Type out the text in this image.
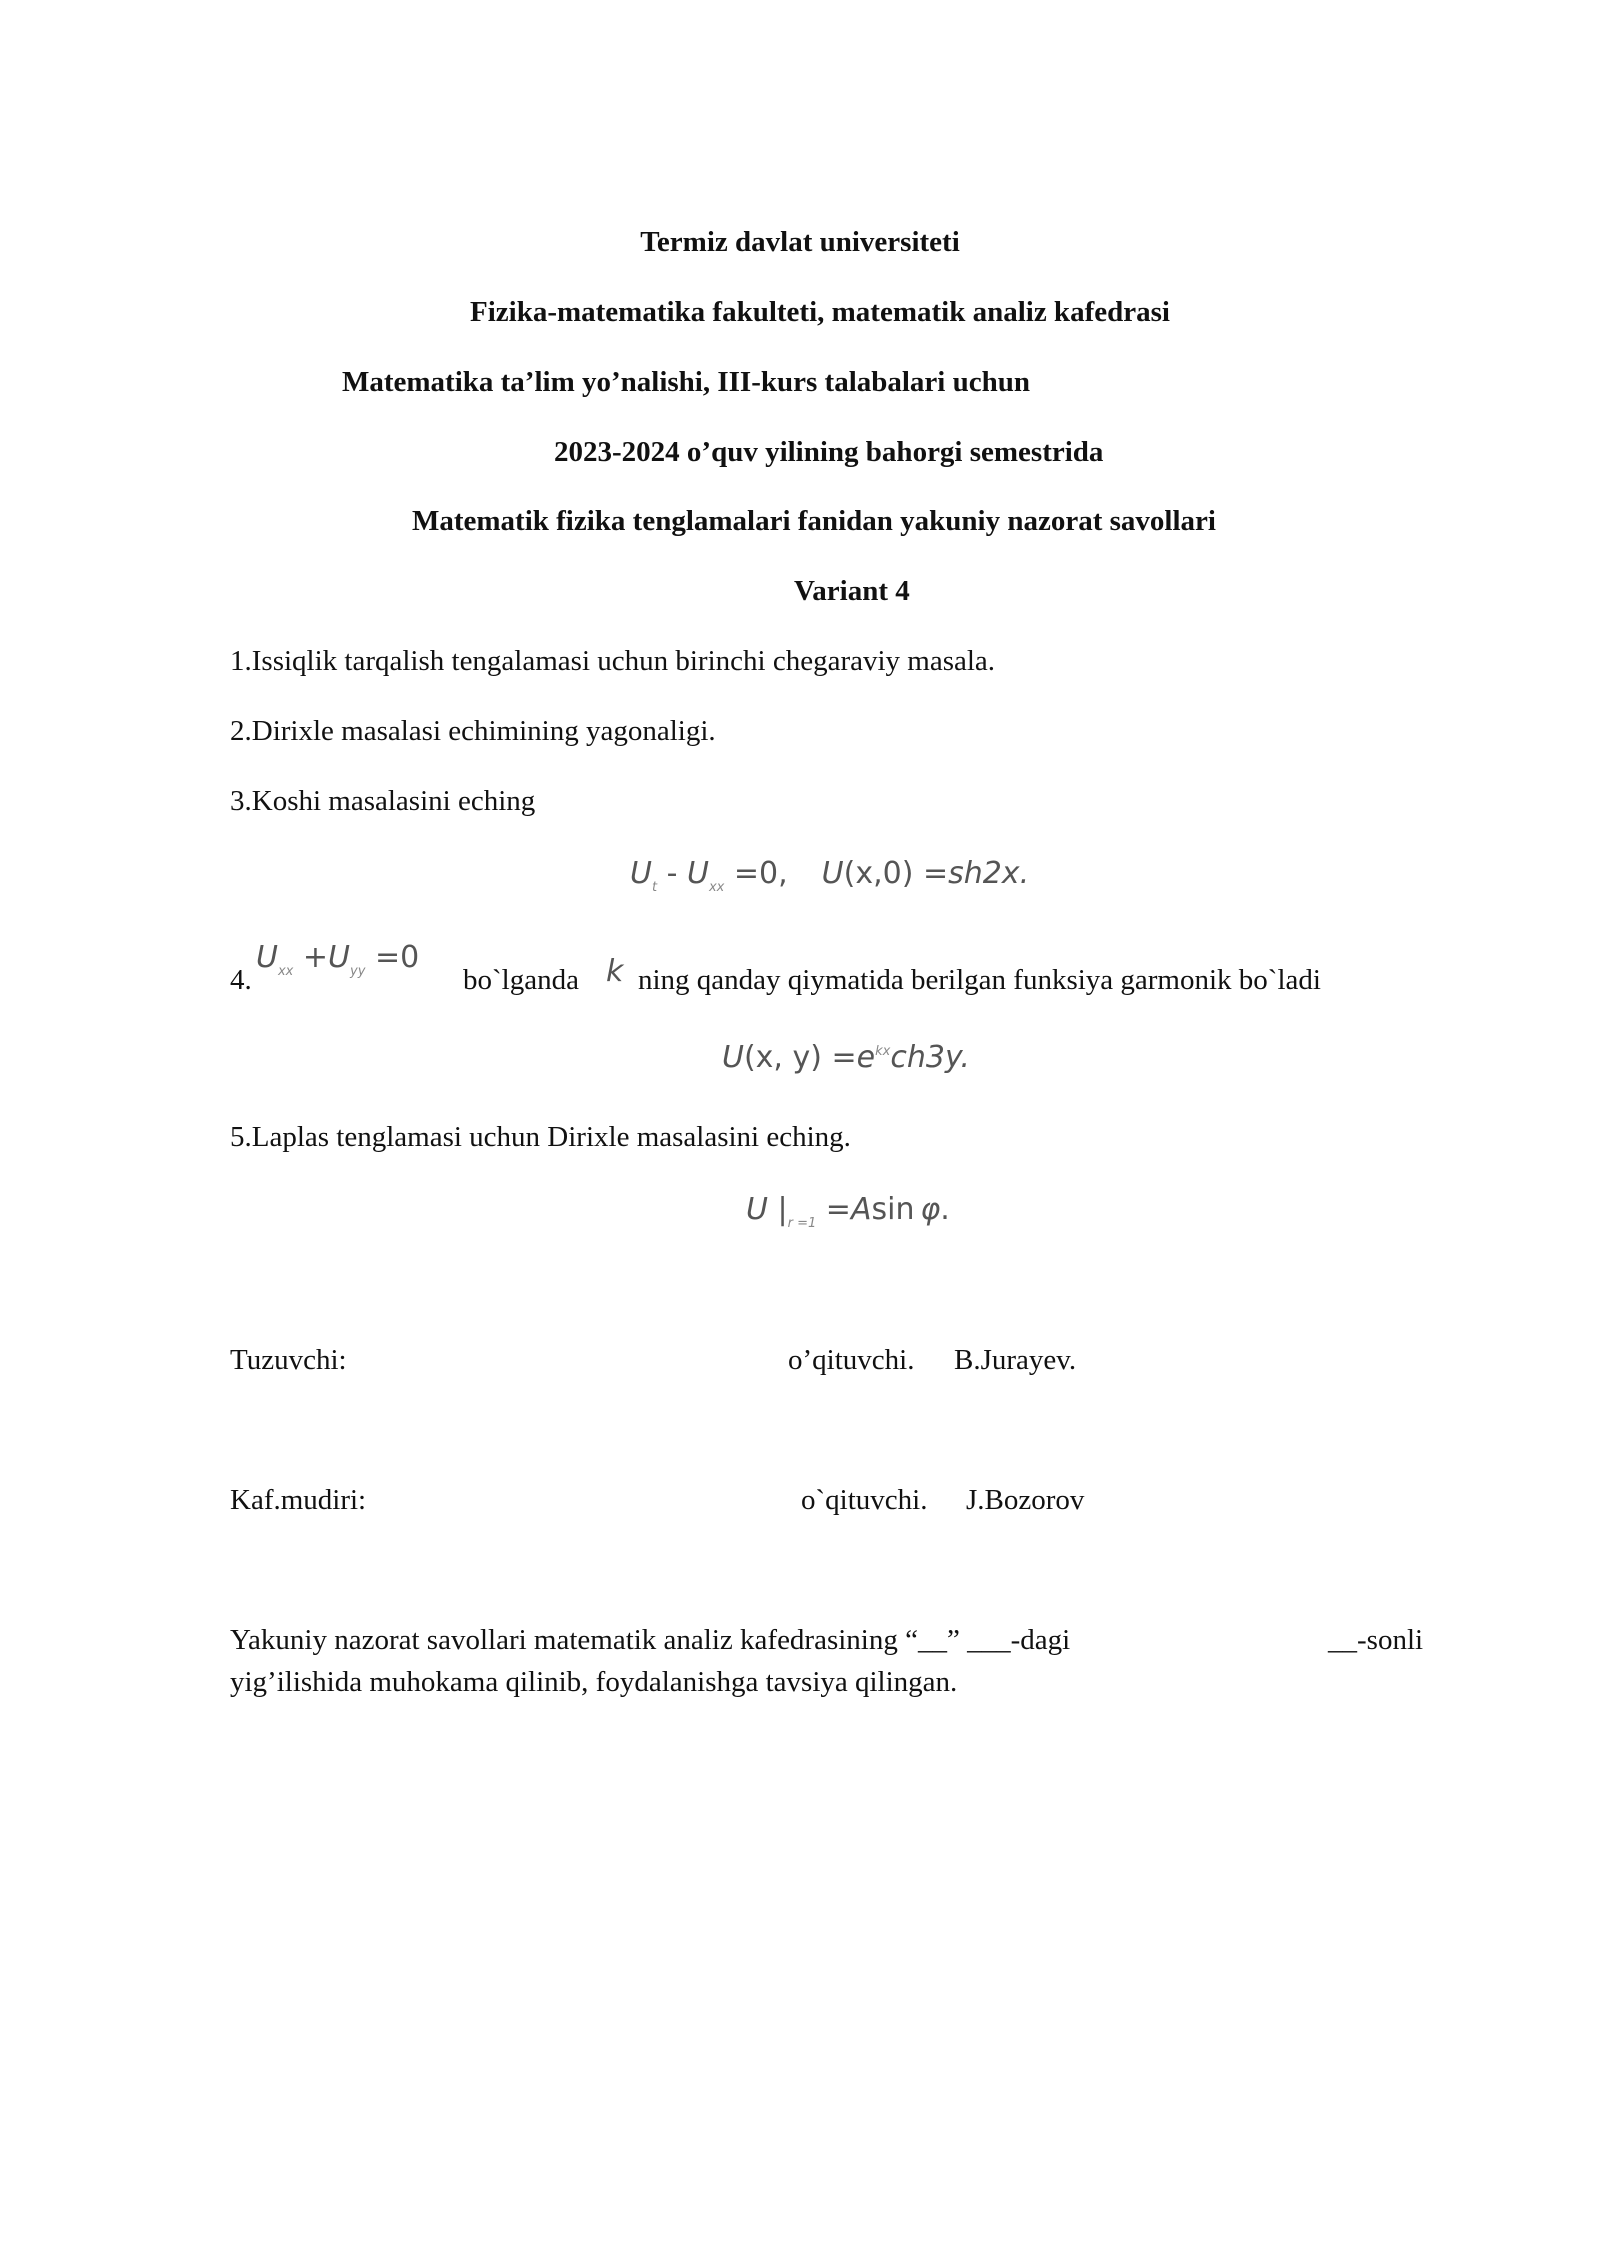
Termiz davlat universiteti
Fizika-matematika fakulteti, matematik analiz kafedrasi
Matematika ta’lim yo’nalishi, IIІ-kurs talabalari uchun
2023-2024 o’quv yilining bahorgi semestrida
Matematik fizika tenglamalari fanidan yakuniy nazorat savollari
Variant 4
1.Issiqlik tarqalish tengalamasi uchun birinchi chegaraviy masala.
2.Dirixle masalasi echimining yagonaligi.
3.Koshi masalasini eching
$U_t - U_{xx} =0$, U(x,0) =sh2x.
4.
$U_{xx} +U_{yy} =0$
bo`lganda k ning qanday qiymatida berilgan funksiya garmonik bo`ladi
U(x, $y) =e^{kx}ch3y$.
5.Laplas tenglamasi uchun Dirixle masalasini eching.
U $|_{r =1} =Asin$ φ.
Tuzuvchi:	o’qituvchi. B.Jurayev.
Kaf.mudiri:	o`qituvchi. J.Bozorov
Yakuniy nazorat savollari matematik analiz kafedrasining “__” ___-dagi	__-sonli
yig’ilishida muhokama qilinib, foydalanishga tavsiya qilingan.
